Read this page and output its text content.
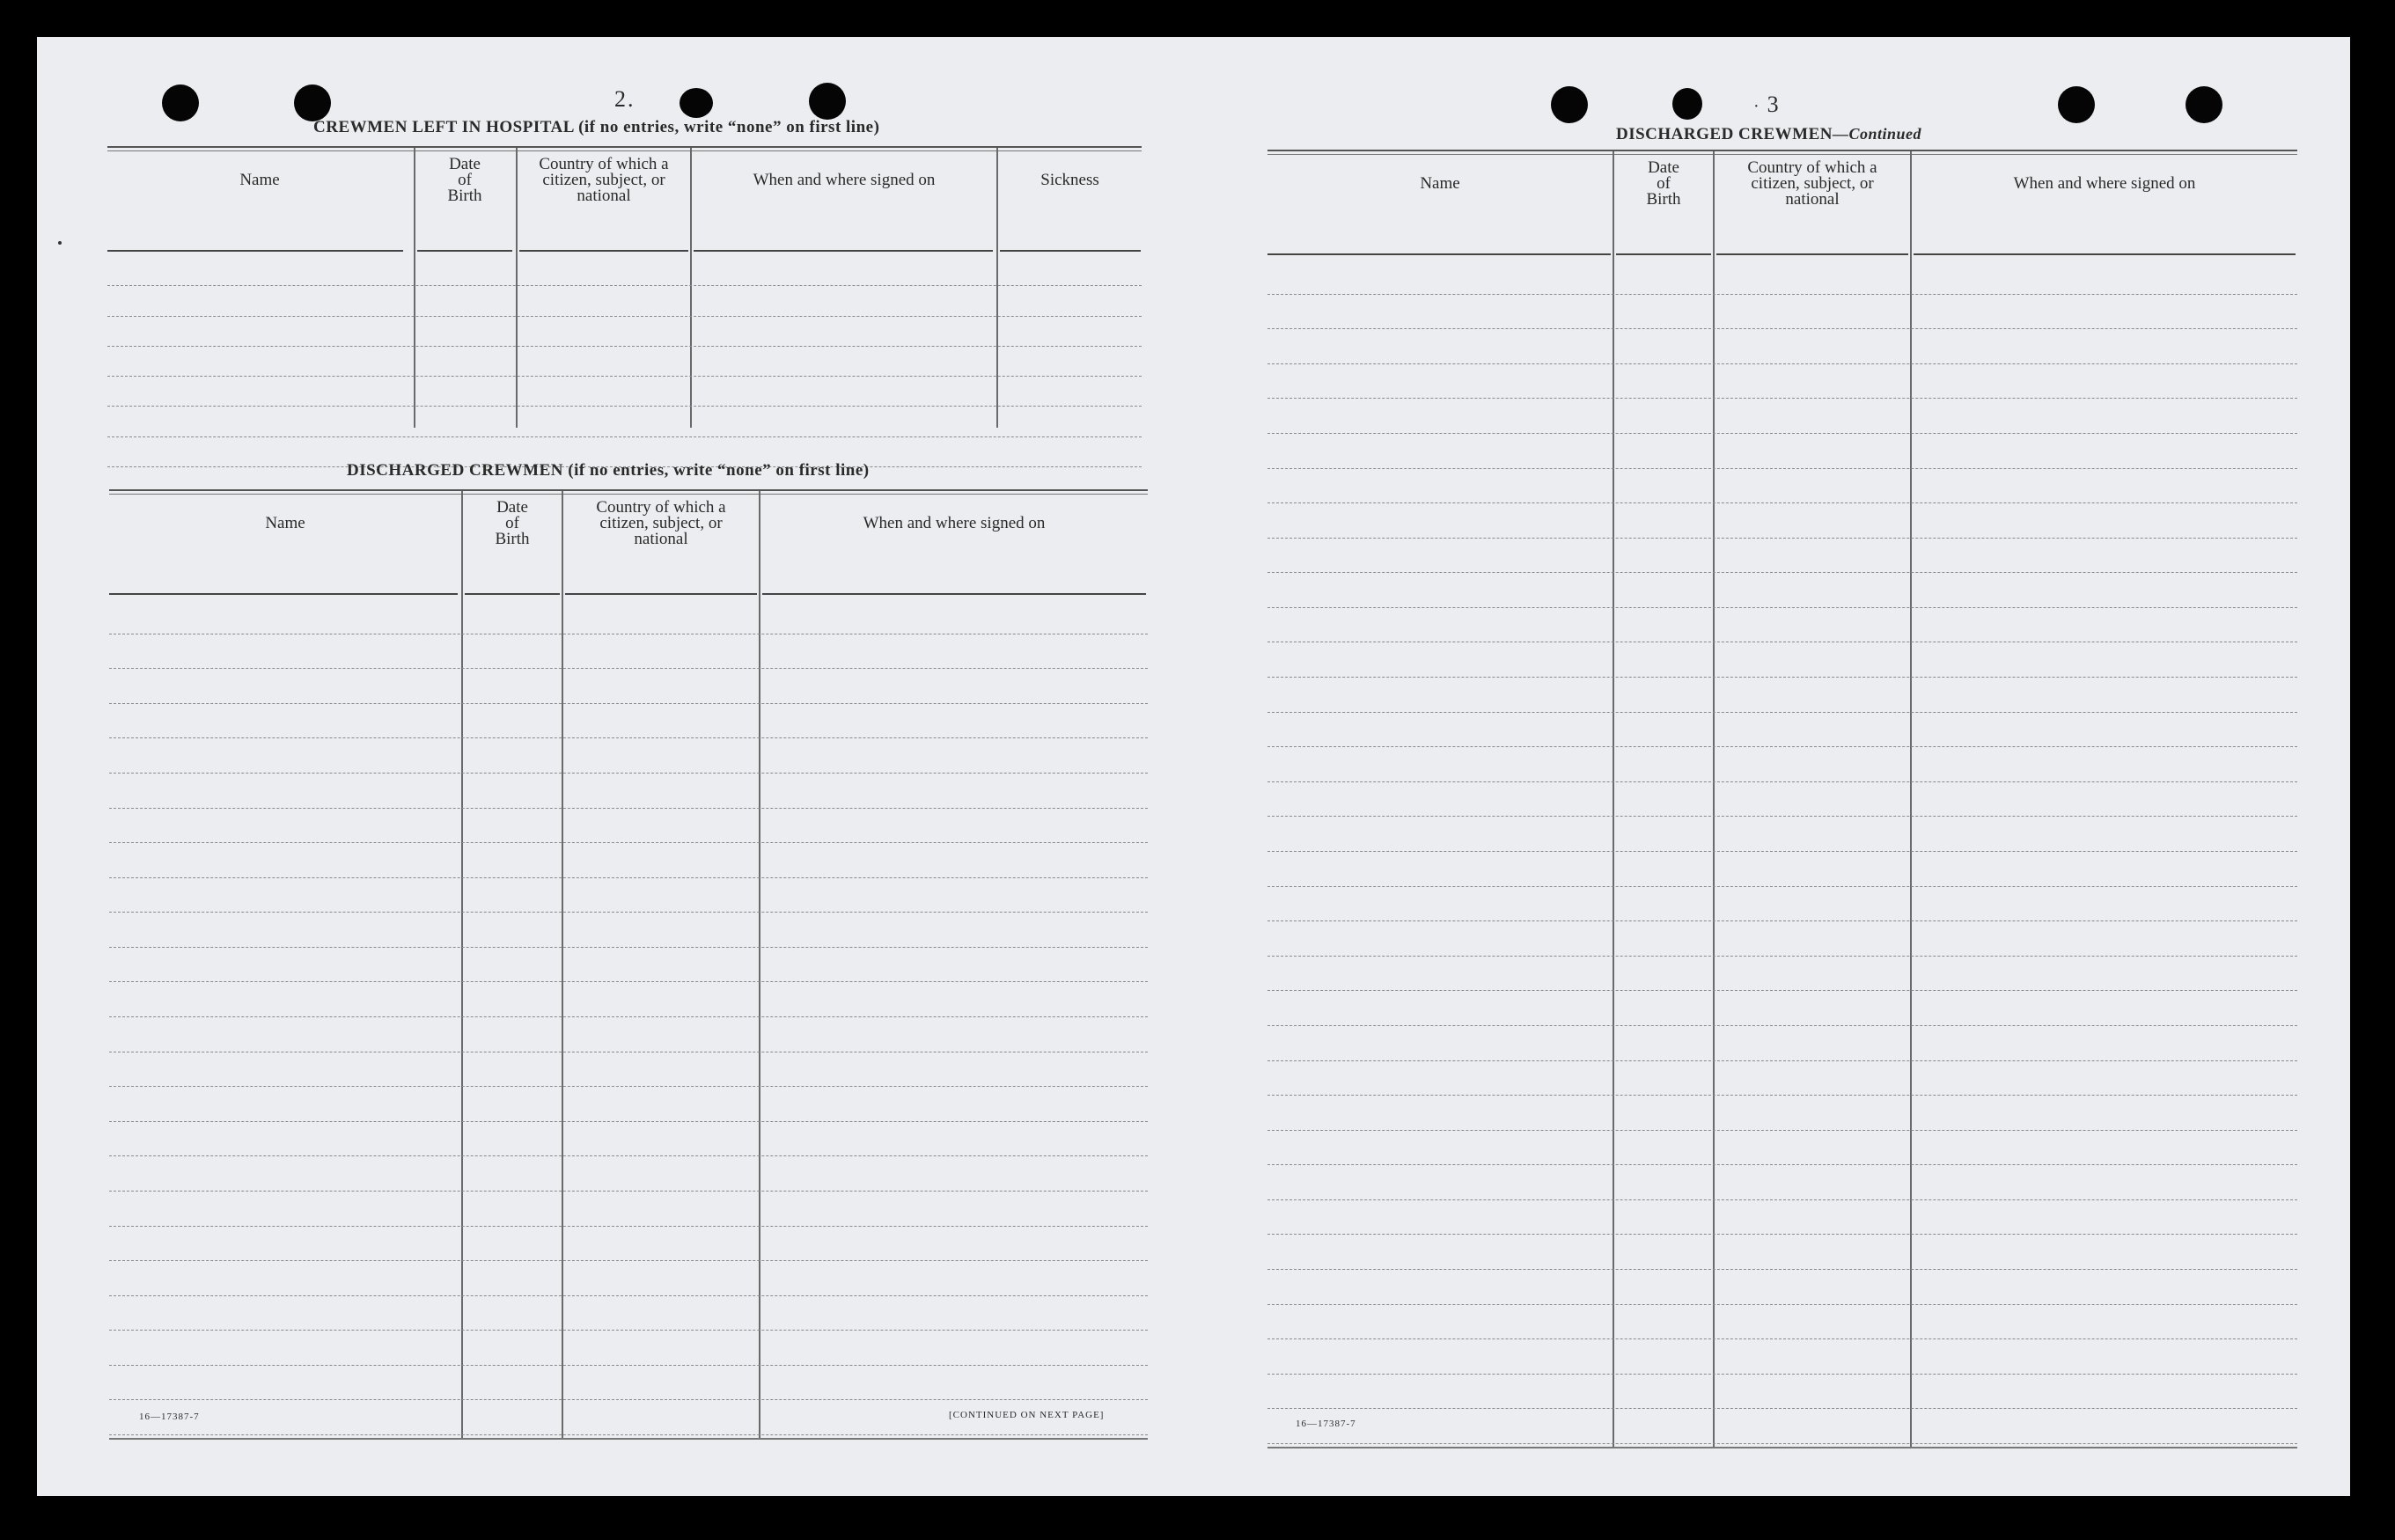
2.
CREWMEN LEFT IN HOSPITAL (if no entries, write “none” on first line)
Name
Date of Birth
Country of which a citizen, subject, or national
When and where signed on	Sickness
DISCHARGED CREWMEN (if no entries, write “none” on first line)
Name
Date of Birth
Country of which a citizen, subject, or national
When and where signed on
16—17387-7	[CONTINUED ON NEXT PAGE]
· 3
DISCHARGED CREWMEN—Continued
Name
Date of Birth
Country of which a citizen, subject, or national
When and where signed on
16—17387-7
